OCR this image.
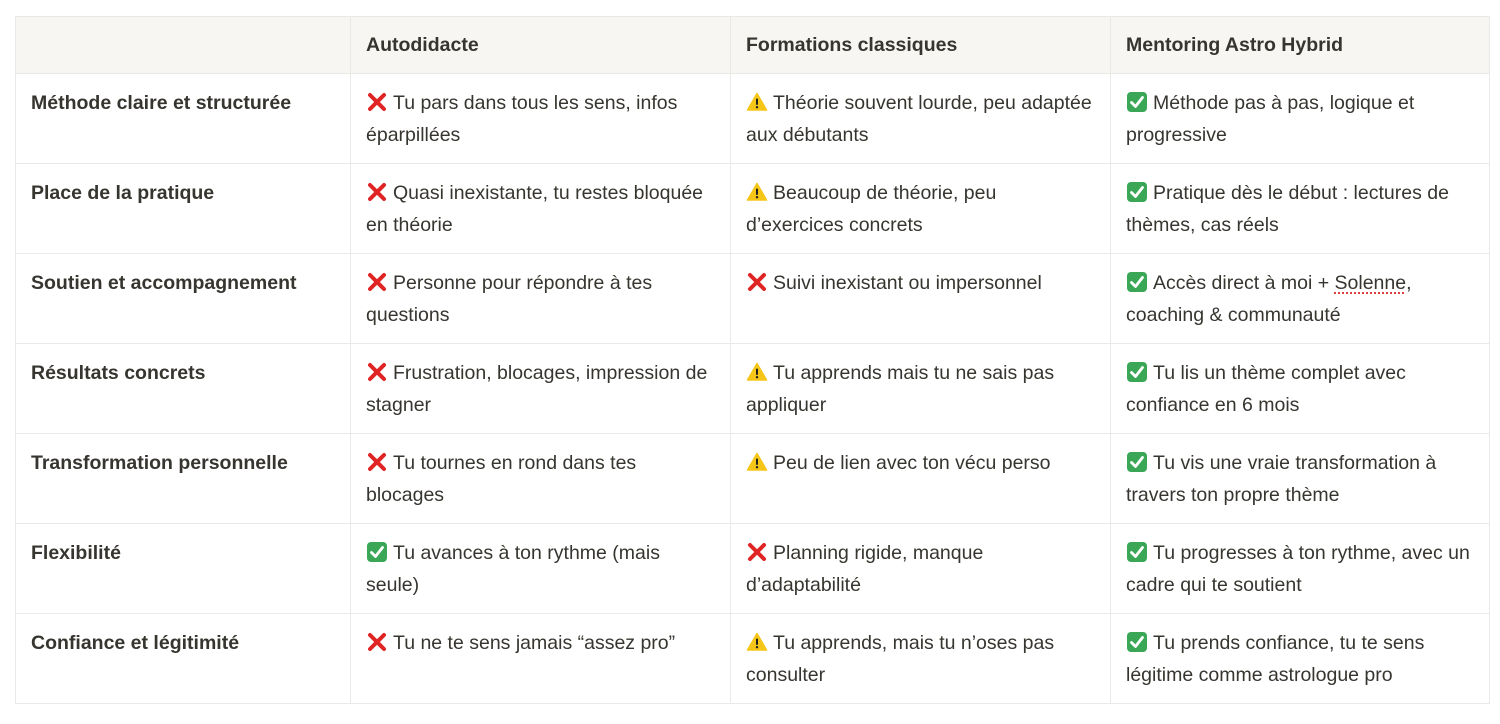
	Autodidacte	Formations classiques	Mentoring Astro Hybrid
Méthode claire et structurée	Tu pars dans tous les sens, infos éparpillées	Théorie souvent lourde, peu adaptée aux débutants	Méthode pas à pas, logique et progressive
Place de la pratique	Quasi inexistante, tu restes bloquée en théorie	Beaucoup de théorie, peu d’exercices concrets	Pratique dès le début : lectures de thèmes, cas réels
Soutien et accompagnement	Personne pour répondre à tes questions	Suivi inexistant ou impersonnel	Accès direct à moi + Solenne, coaching & communauté
Résultats concrets	Frustration, blocages, impression de stagner	Tu apprends mais tu ne sais pas appliquer	Tu lis un thème complet avec confiance en 6 mois
Transformation personnelle	Tu tournes en rond dans tes blocages	Peu de lien avec ton vécu perso	Tu vis une vraie transformation à travers ton propre thème
Flexibilité	Tu avances à ton rythme (mais seule)	Planning rigide, manque d’adaptabilité	Tu progresses à ton rythme, avec un cadre qui te soutient
Confiance et légitimité	Tu ne te sens jamais “assez pro”	Tu apprends, mais tu n’oses pas consulter	Tu prends confiance, tu te sens légitime comme astrologue pro
